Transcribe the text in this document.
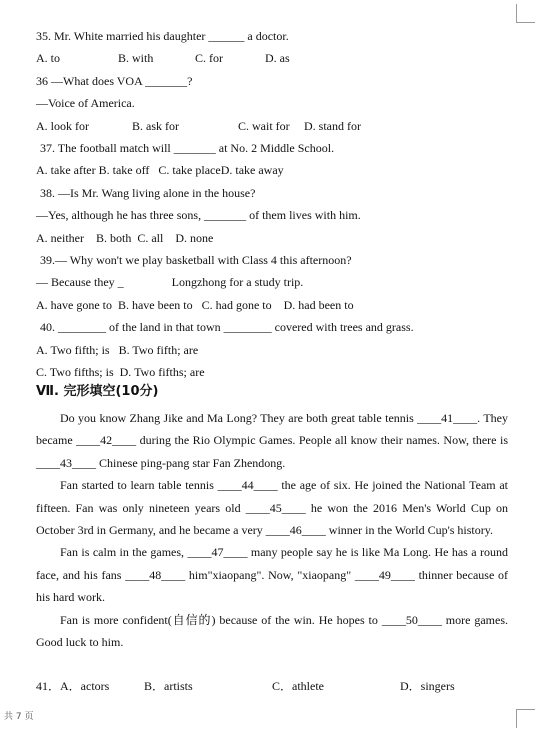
35. Mr. White married his daughter ______ a doctor.
A. to	B. with	C. for	D. as
36 —What does VOA _______?
—Voice of America.
A. look for	B. ask for	C. wait for D. stand for
37. The football match will _______ at No. 2 Middle School.
A. take after B. take off   C. take placeD. take away
38. —Is Mr. Wang living alone in the house?
—Yes, although he has three sons, _______ of them lives with him.
A. neither    B. both  C. all    D. none
39.— Why won't we play basketball with Class 4 this afternoon?
— Because they _                Longzhong for a study trip.
A. have gone to  B. have been to   C. had gone to    D. had been to
40. ________ of the land in that town ________ covered with trees and grass.
A. Two fifth; is   B. Two fifth; are
C. Two fifths; is  D. Two fifths; are
Ⅶ. 完形填空(10分)

Do you know Zhang Jike and Ma Long? They are both great table tennis ____41____. They became ____42____ during the Rio Olympic Games. People all know their names. Now, there is ____43____ Chinese ping-pang star Fan Zhendong.

Fan started to learn table tennis ____44____ the age of six. He joined the National Team at fifteen. Fan was only nineteen years old ____45____ he won the 2016 Men's World Cup on October 3rd in Germany, and he became a very ____46____ winner in the World Cup's history.

Fan is calm in the games, ____47____ many people say he is like Ma Long. He has a round face, and his fans ____48____ him"xiaopang". Now, "xiaopang" ____49____ thinner because of his hard work.

Fan is more confident(自信的) because of the win. He hopes to ____50____ more games. Good luck to him.

41．A．actors	B．artists	C．athlete	D．singers
共 7 页
